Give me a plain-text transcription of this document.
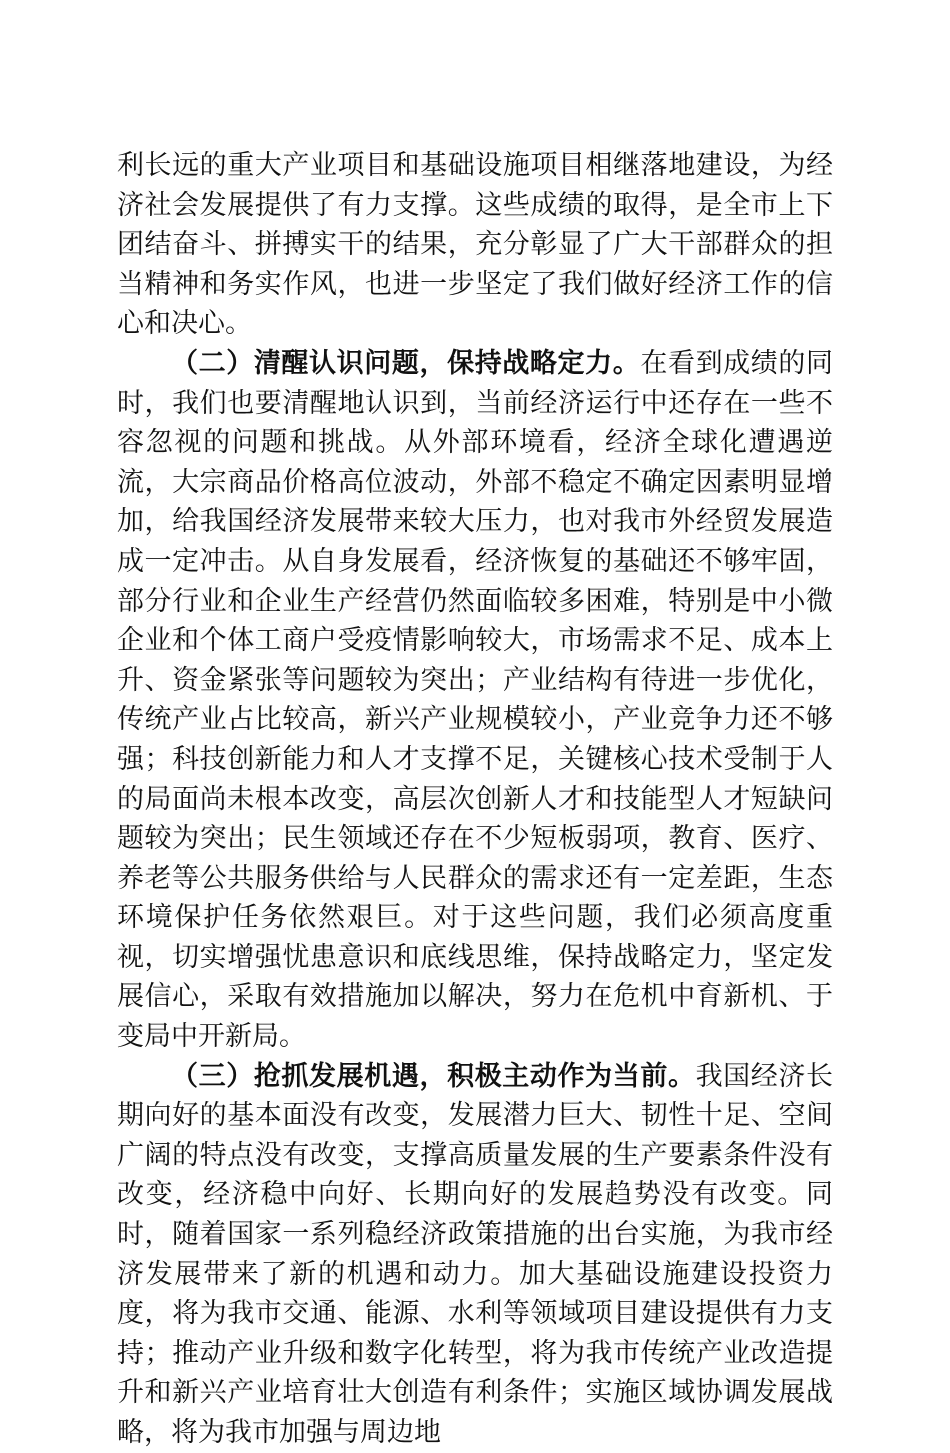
利长远的重大产业项目和基础设施项目相继落地建设，为经济社会发展提供了有力支撑。这些成绩的取得，是全市上下团结奋斗、拼搏实干的结果，充分彰显了广大干部群众的担当精神和务实作风，也进一步坚定了我们做好经济工作的信心和决心。

（二）清醒认识问题，保持战略定力。在看到成绩的同时，我们也要清醒地认识到，当前经济运行中还存在一些不容忽视的问题和挑战。从外部环境看，经济全球化遭遇逆流，大宗商品价格高位波动，外部不稳定不确定因素明显增加，给我国经济发展带来较大压力，也对我市外经贸发展造成一定冲击。从自身发展看，经济恢复的基础还不够牢固，部分行业和企业生产经营仍然面临较多困难，特别是中小微企业和个体工商户受疫情影响较大，市场需求不足、成本上升、资金紧张等问题较为突出；产业结构有待进一步优化，传统产业占比较高，新兴产业规模较小，产业竞争力还不够强；科技创新能力和人才支撑不足，关键核心技术受制于人的局面尚未根本改变，高层次创新人才和技能型人才短缺问题较为突出；民生领域还存在不少短板弱项，教育、医疗、养老等公共服务供给与人民群众的需求还有一定差距，生态环境保护任务依然艰巨。对于这些问题，我们必须高度重视，切实增强忧患意识和底线思维，保持战略定力，坚定发展信心，采取有效措施加以解决，努力在危机中育新机、于变局中开新局。

（三）抢抓发展机遇，积极主动作为当前。我国经济长期向好的基本面没有改变，发展潜力巨大、韧性十足、空间广阔的特点没有改变，支撑高质量发展的生产要素条件没有改变，经济稳中向好、长期向好的发展趋势没有改变。同时，随着国家一系列稳经济政策措施的出台实施，为我市经济发展带来了新的机遇和动力。加大基础设施建设投资力度，将为我市交通、能源、水利等领域项目建设提供有力支持；推动产业升级和数字化转型，将为我市传统产业改造提升和新兴产业培育壮大创造有利条件；实施区域协调发展战略，将为我市加强与周边地
